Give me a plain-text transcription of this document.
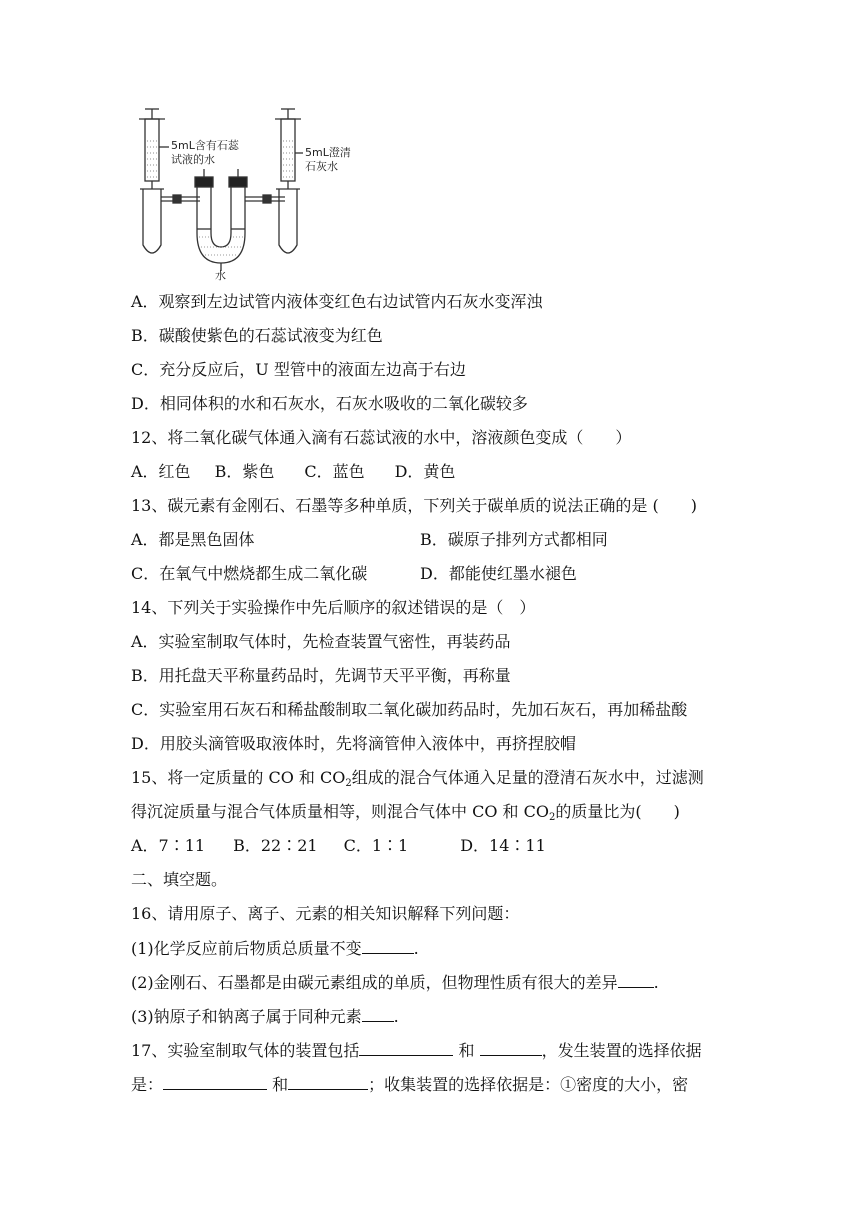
5mL含有石蕊
试液的水
5mL澄清
石灰水
水
A．观察到左边试管内液体变红色右边试管内石灰水变浑浊
B．碳酸使紫色的石蕊试液变为红色
C．充分反应后，U 型管中的液面左边高于右边
D．相同体积的水和石灰水，石灰水吸收的二氧化碳较多
12、将二氧化碳气体通入滴有石蕊试液的水中，溶液颜色变成（　　）
A．红色 B．紫色 C．蓝色 D．黄色
13、碳元素有金刚石、石墨等多种单质，下列关于碳单质的说法正确的是 (　　)
A．都是黑色固体	B．碳原子排列方式都相同
C．在氧气中燃烧都生成二氧化碳	D．都能使红墨水褪色
14、下列关于实验操作中先后顺序的叙述错误的是（　）
A．实验室制取气体时，先检查装置气密性，再装药品
B．用托盘天平称量药品时，先调节天平平衡，再称量
C．实验室用石灰石和稀盐酸制取二氧化碳加药品时，先加石灰石，再加稀盐酸
D．用胶头滴管吸取液体时，先将滴管伸入液体中，再挤捏胶帽
15、将一定质量的 CO 和 $CO_2$组成的混合气体通入足量的澄清石灰水中，过滤测
得沉淀质量与混合气体质量相等，则混合气体中 CO 和 $CO_2$的质量比为(　　)
A．7∶11 B．22∶21 C．1∶1	D．14∶11
二、填空题。
16、请用原子、离子、元素的相关知识解释下列问题：
(1)化学反应前后物质总质量不变	.
(2)金刚石、石墨都是由碳元素组成的单质，但物理性质有很大的差异 .
(3)钠原子和钠离子属于同种元素 .
17、实验室制取气体的装置包括	和	，发生装置的选择依据
是：	和	；收集装置的选择依据是：①密度的大小，密
